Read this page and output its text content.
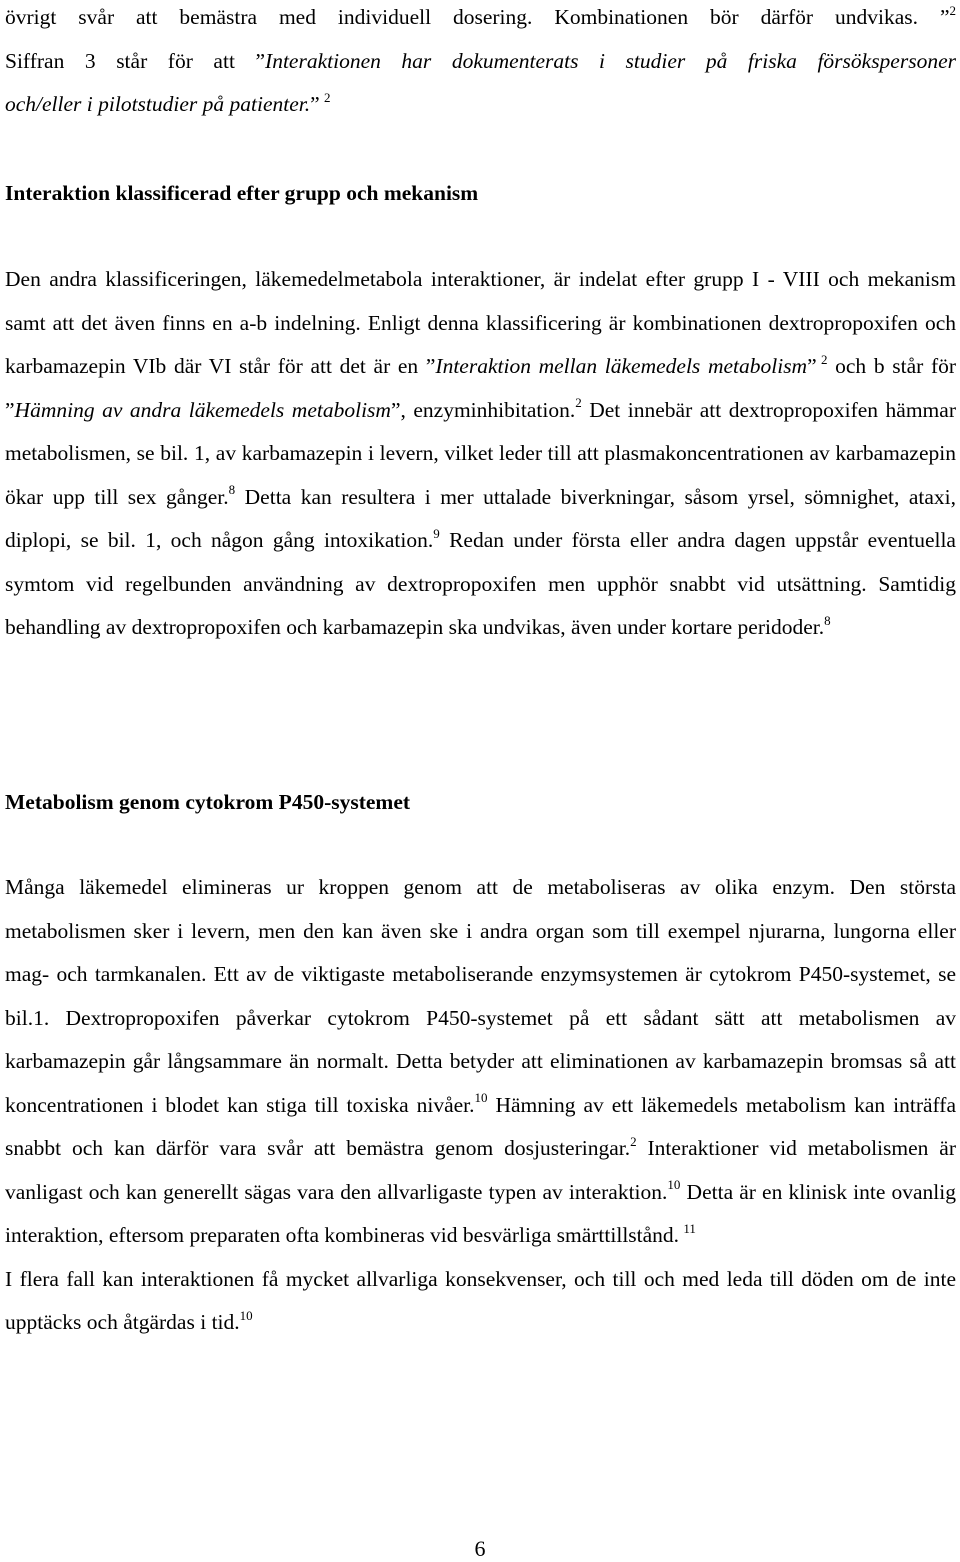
övrigt svår att bemästra med individuell dosering. Kombinationen bör därför undvikas. ”$^2$

Siffran 3 står för att ”Interaktionen har dokumenterats i studier på friska försökspersoner

och/eller i pilotstudier på patienter.”  $^2$

Interaktion klassificerad efter grupp och mekanism

Den andra klassificeringen, läkemedelmetabola interaktioner, är indelat efter grupp I - VIII och mekanism samt att det även finns en a-b indelning. Enligt denna klassificering är kombinationen dextropropoxifen och karbamazepin VIb där VI står för att det är en ”Interaktion mellan läkemedels metabolism”  $^2$ och b står för ”Hämning av andra läkemedels metabolism”, enzyminhibitation.$^2$ Det innebär att dextropropoxifen hämmar metabolismen, se bil. 1, av karbamazepin i levern, vilket leder till att plasmakoncentrationen av karbamazepin ökar upp till sex gånger.$^8$ Detta kan resultera i mer uttalade biverkningar, såsom yrsel, sömnighet, ataxi, diplopi, se bil. 1, och någon gång intoxikation.$^9$ Redan under första eller andra dagen uppstår eventuella symtom vid regelbunden användning av dextropropoxifen men upphör snabbt vid utsättning. Samtidig behandling av dextropropoxifen och karbamazepin ska undvikas, även under kortare peridoder.$^8$

Metabolism genom cytokrom P450-systemet

Många läkemedel elimineras ur kroppen genom att de metaboliseras av olika enzym. Den största metabolismen sker i levern, men den kan även ske i andra organ som till exempel njurarna, lungorna eller mag- och tarmkanalen. Ett av de viktigaste metaboliserande enzymsystemen är cytokrom P450-systemet, se bil.1. Dextropropoxifen påverkar cytokrom P450-systemet på ett sådant sätt att metabolismen av karbamazepin går långsammare än normalt. Detta betyder att eliminationen av karbamazepin bromsas så att koncentrationen i blodet kan stiga till toxiska nivåer.$^{10}$ Hämning av ett läkemedels metabolism kan inträffa snabbt och kan därför vara svår att bemästra genom dosjusteringar.$^2$ Interaktioner vid metabolismen är vanligast och kan generellt sägas vara den allvarligaste typen av interaktion.$^{10}$ Detta är en klinisk inte ovanlig interaktion, eftersom preparaten ofta kombineras vid besvärliga smärttillstånd.  $^{11}$

I flera fall kan interaktionen få mycket allvarliga konsekvenser, och till och med leda till döden om de inte upptäcks och åtgärdas i tid.$^{10}$

6
